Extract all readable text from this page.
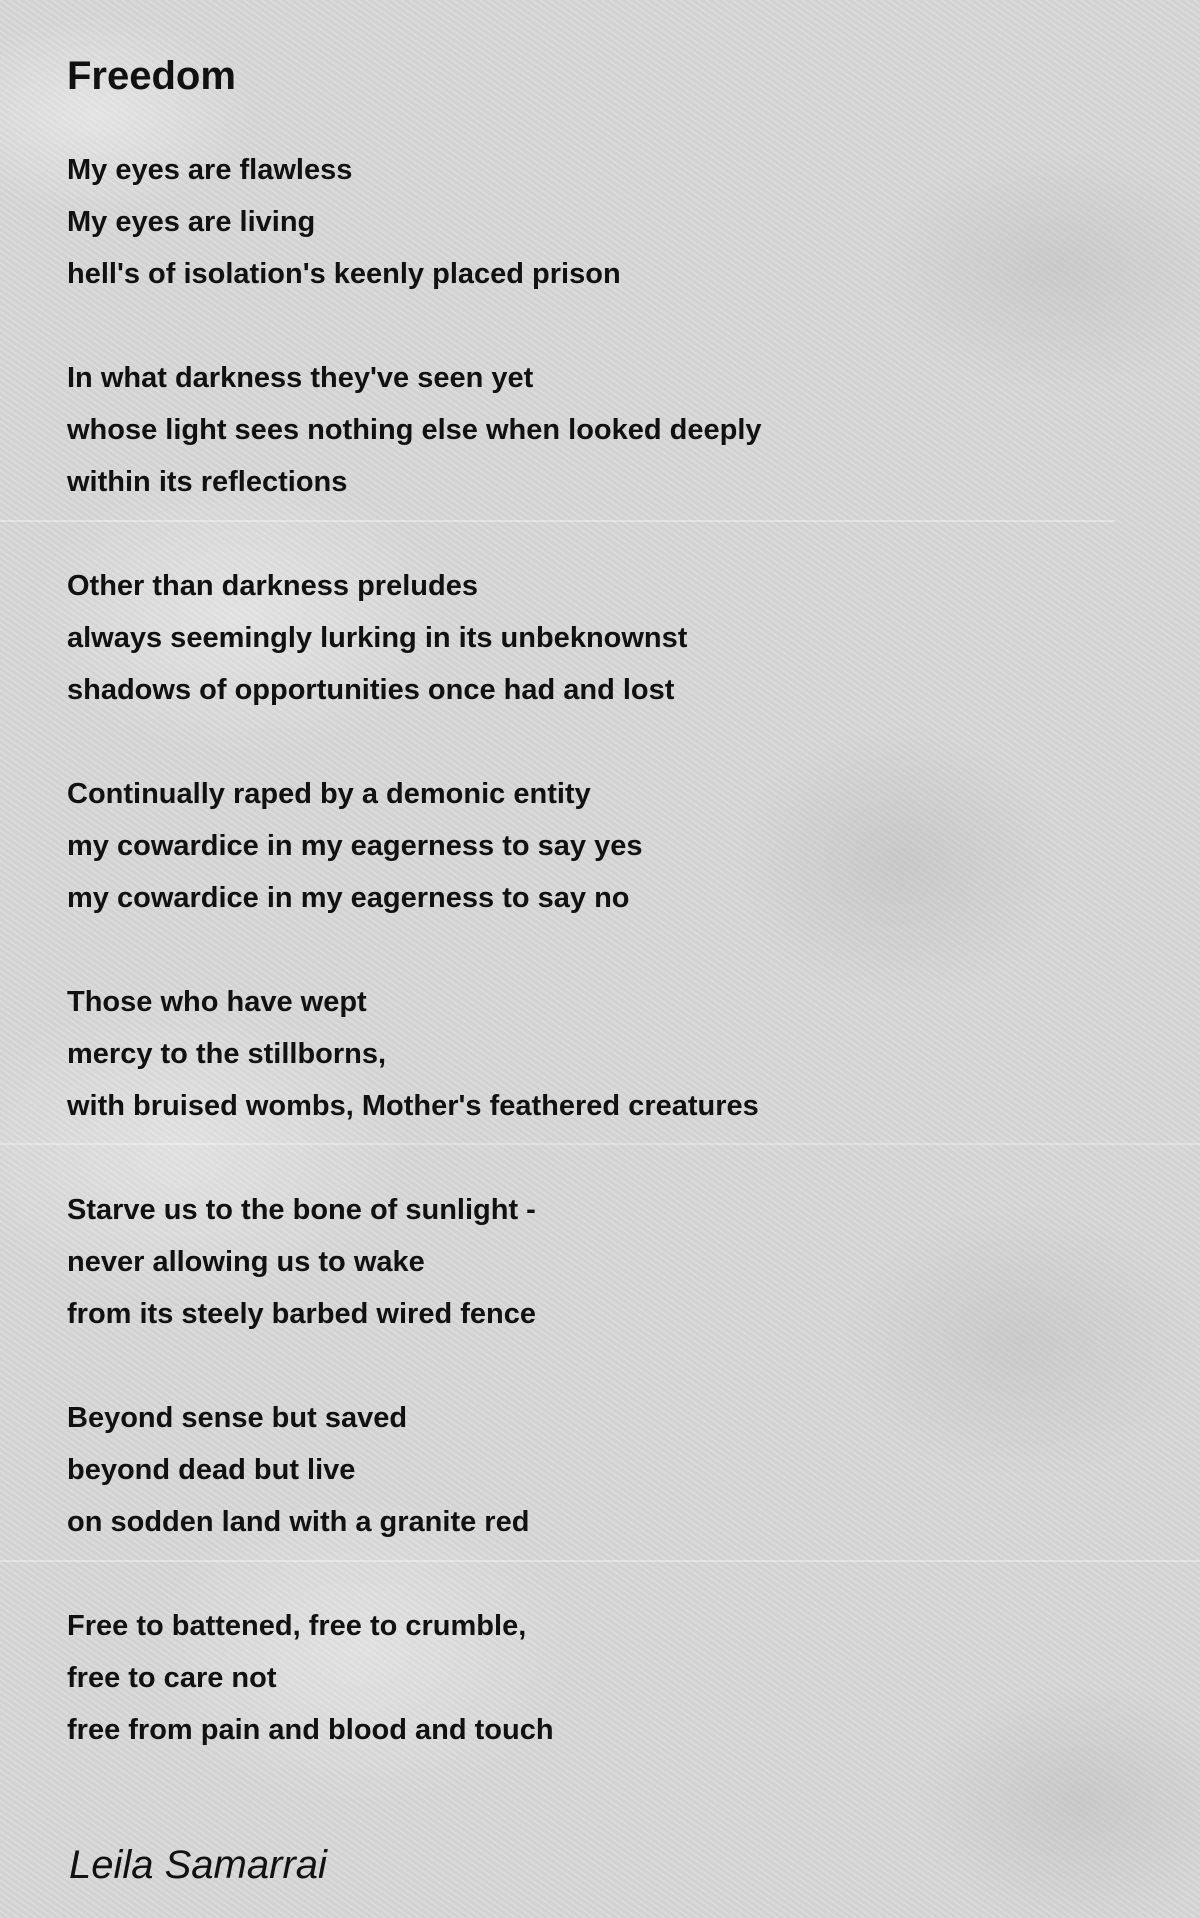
Freedom
My eyes are flawless
My eyes are living
hell's of isolation's keenly placed prison
In what darkness they've seen yet
whose light sees nothing else when looked deeply
within its reflections
Other than darkness preludes
always seemingly lurking in its unbeknownst
shadows of opportunities once had and lost
Continually raped by a demonic entity
my cowardice in my eagerness to say yes
my cowardice in my eagerness to say no
Those who have wept
mercy to the stillborns,
with bruised wombs, Mother's feathered creatures
Starve us to the bone of sunlight -
never allowing us to wake
from its steely barbed wired fence
Beyond sense but saved
beyond dead but live
on sodden land with a granite red
Free to battened, free to crumble,
free to care not
free from pain and blood and touch
Leila Samarrai
